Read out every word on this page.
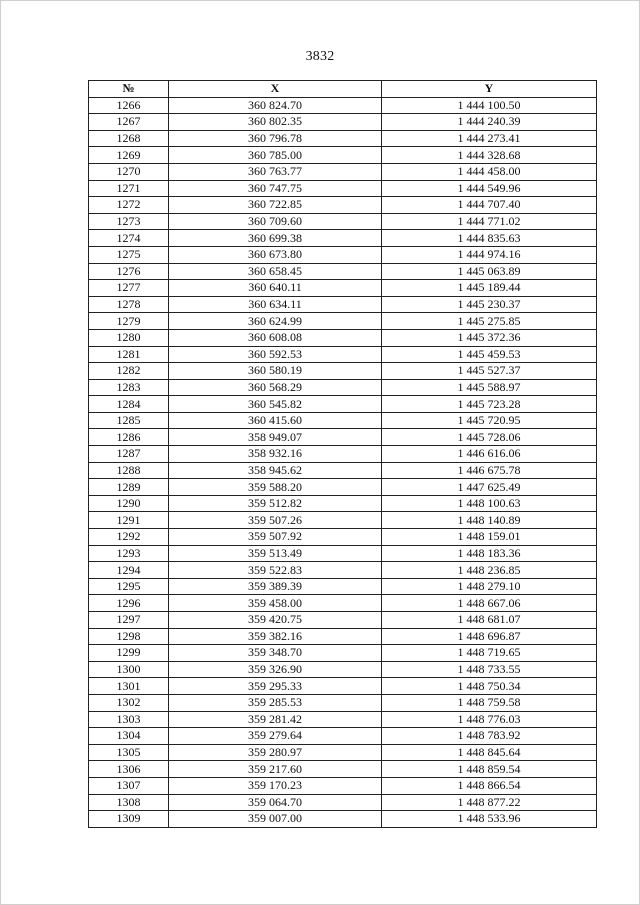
3832
№	X	Y
1266	360 824.70	1 444 100.50
1267	360 802.35	1 444 240.39
1268	360 796.78	1 444 273.41
1269	360 785.00	1 444 328.68
1270	360 763.77	1 444 458.00
1271	360 747.75	1 444 549.96
1272	360 722.85	1 444 707.40
1273	360 709.60	1 444 771.02
1274	360 699.38	1 444 835.63
1275	360 673.80	1 444 974.16
1276	360 658.45	1 445 063.89
1277	360 640.11	1 445 189.44
1278	360 634.11	1 445 230.37
1279	360 624.99	1 445 275.85
1280	360 608.08	1 445 372.36
1281	360 592.53	1 445 459.53
1282	360 580.19	1 445 527.37
1283	360 568.29	1 445 588.97
1284	360 545.82	1 445 723.28
1285	360 415.60	1 445 720.95
1286	358 949.07	1 445 728.06
1287	358 932.16	1 446 616.06
1288	358 945.62	1 446 675.78
1289	359 588.20	1 447 625.49
1290	359 512.82	1 448 100.63
1291	359 507.26	1 448 140.89
1292	359 507.92	1 448 159.01
1293	359 513.49	1 448 183.36
1294	359 522.83	1 448 236.85
1295	359 389.39	1 448 279.10
1296	359 458.00	1 448 667.06
1297	359 420.75	1 448 681.07
1298	359 382.16	1 448 696.87
1299	359 348.70	1 448 719.65
1300	359 326.90	1 448 733.55
1301	359 295.33	1 448 750.34
1302	359 285.53	1 448 759.58
1303	359 281.42	1 448 776.03
1304	359 279.64	1 448 783.92
1305	359 280.97	1 448 845.64
1306	359 217.60	1 448 859.54
1307	359 170.23	1 448 866.54
1308	359 064.70	1 448 877.22
1309	359 007.00	1 448 533.96
